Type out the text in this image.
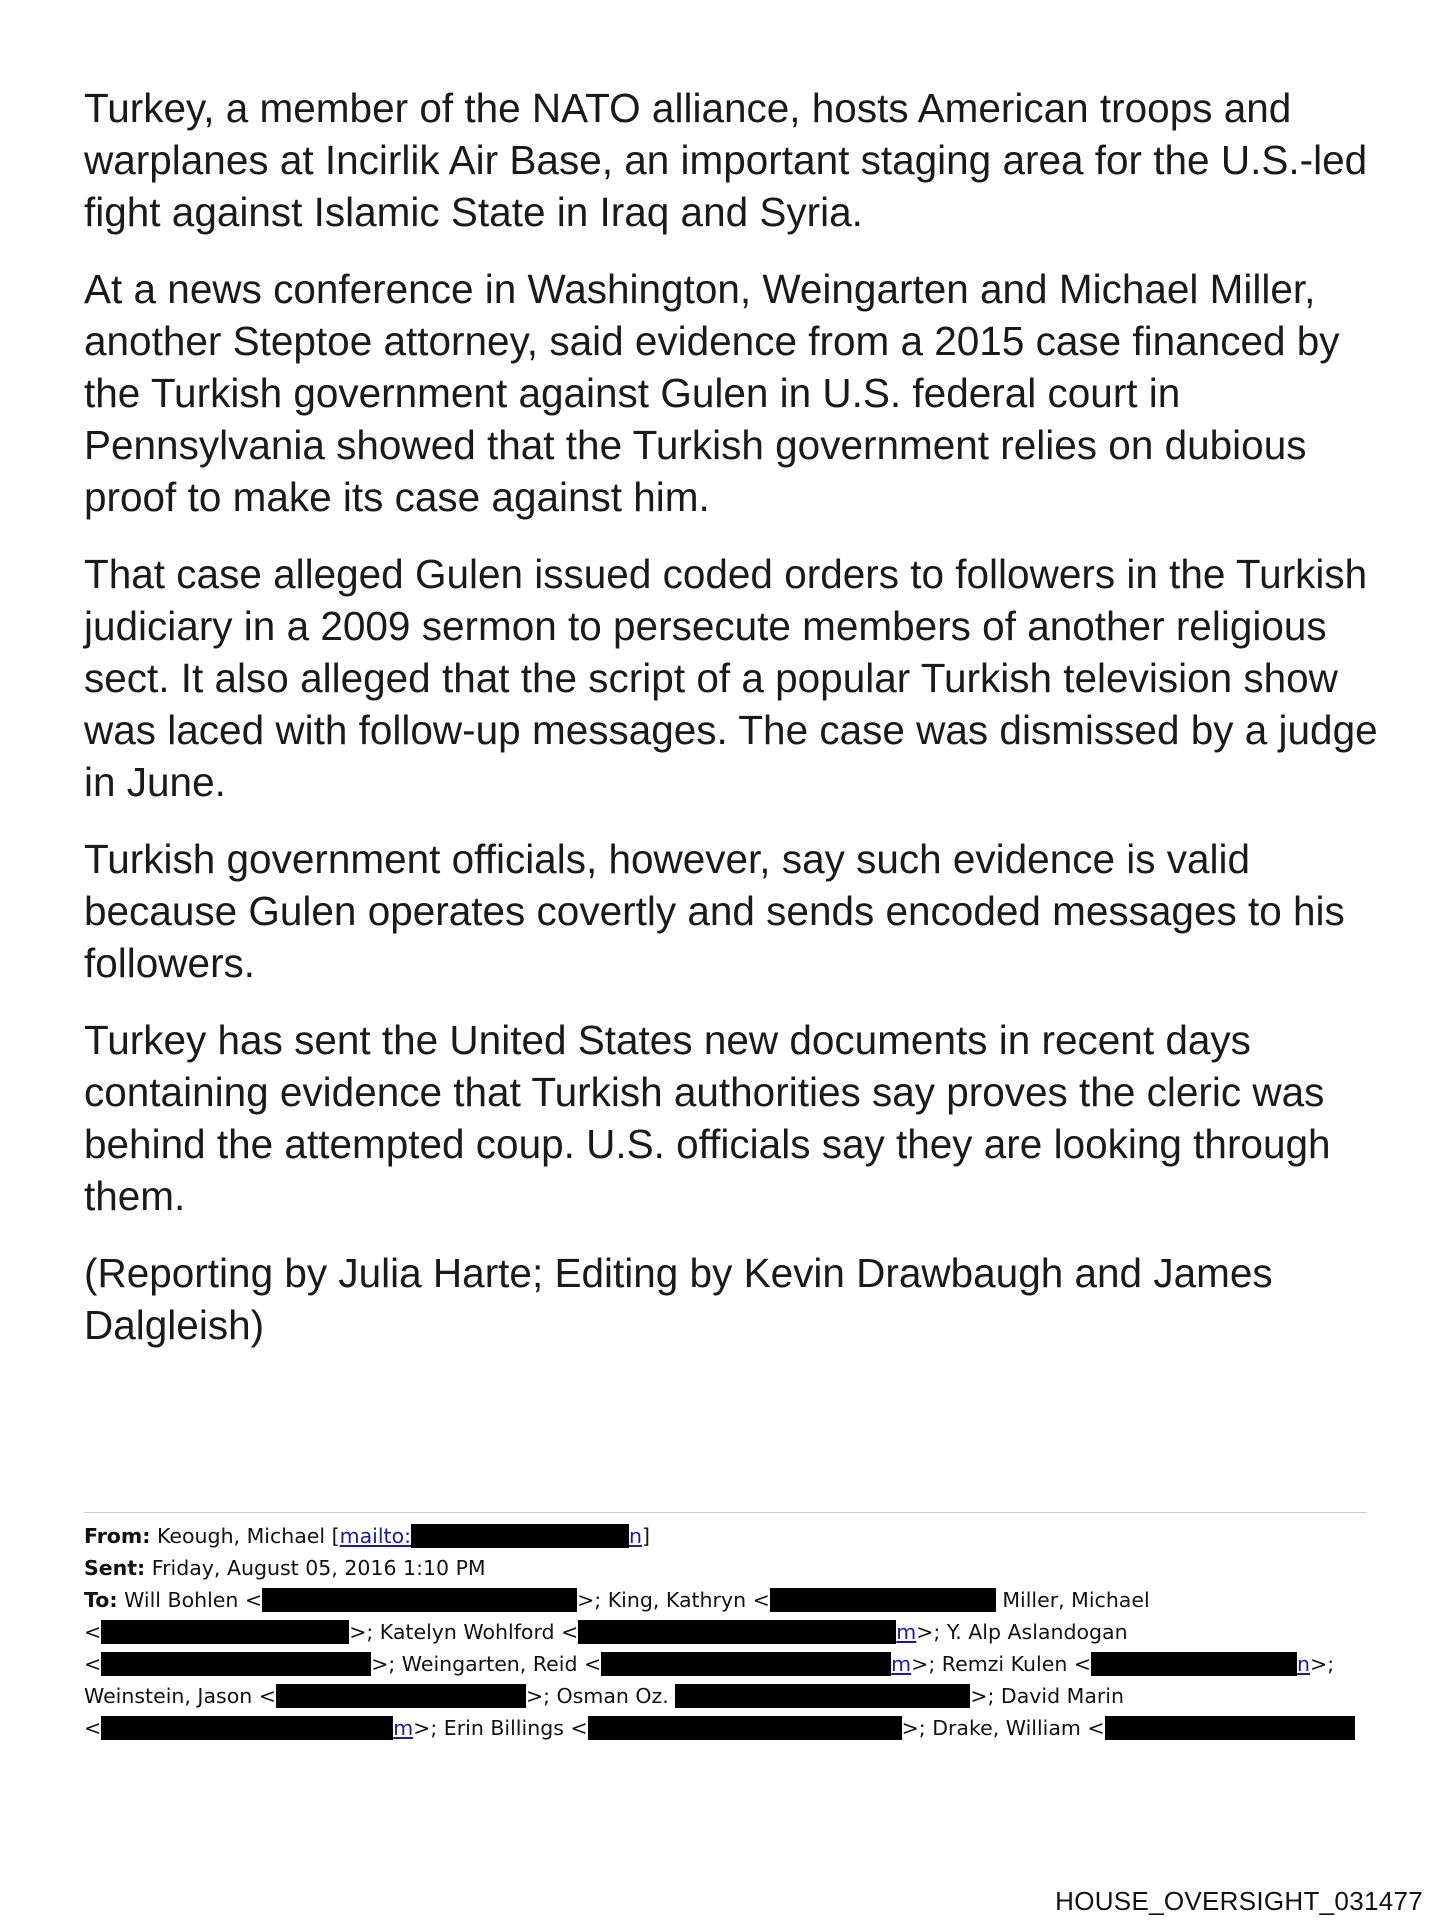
Turkey, a member of the NATO alliance, hosts American troops and warplanes at Incirlik Air Base, an important staging area for the U.S.-led fight against Islamic State in Iraq and Syria.

At a news conference in Washington, Weingarten and Michael Miller, another Steptoe attorney, said evidence from a 2015 case financed by the Turkish government against Gulen in U.S. federal court in Pennsylvania showed that the Turkish government relies on dubious proof to make its case against him.

That case alleged Gulen issued coded orders to followers in the Turkish judiciary in a 2009 sermon to persecute members of another religious sect. It also alleged that the script of a popular Turkish television show was laced with follow-up messages. The case was dismissed by a judge in June.

Turkish government officials, however, say such evidence is valid because Gulen operates covertly and sends encoded messages to his followers.

Turkey has sent the United States new documents in recent days containing evidence that Turkish authorities say proves the cleric was behind the attempted coup. U.S. officials say they are looking through them.

(Reporting by Julia Harte; Editing by Kevin Drawbaugh and James Dalgleish)

From: Keough, Michael [mailto:	n]
Sent: Friday, August 05, 2016 1:10 PM
To: Will Bohlen <	>; King, Kathryn <	Miller, Michael
<	>; Katelyn Wohlford <	m>; Y. Alp Aslandogan
<	>; Weingarten, Reid <	m>; Remzi Kulen <	n>;
Weinstein, Jason <	>; Osman Oz.	>; David Marin
<	m>; Erin Billings <	>; Drake, William <
HOUSE_OVERSIGHT_031477
